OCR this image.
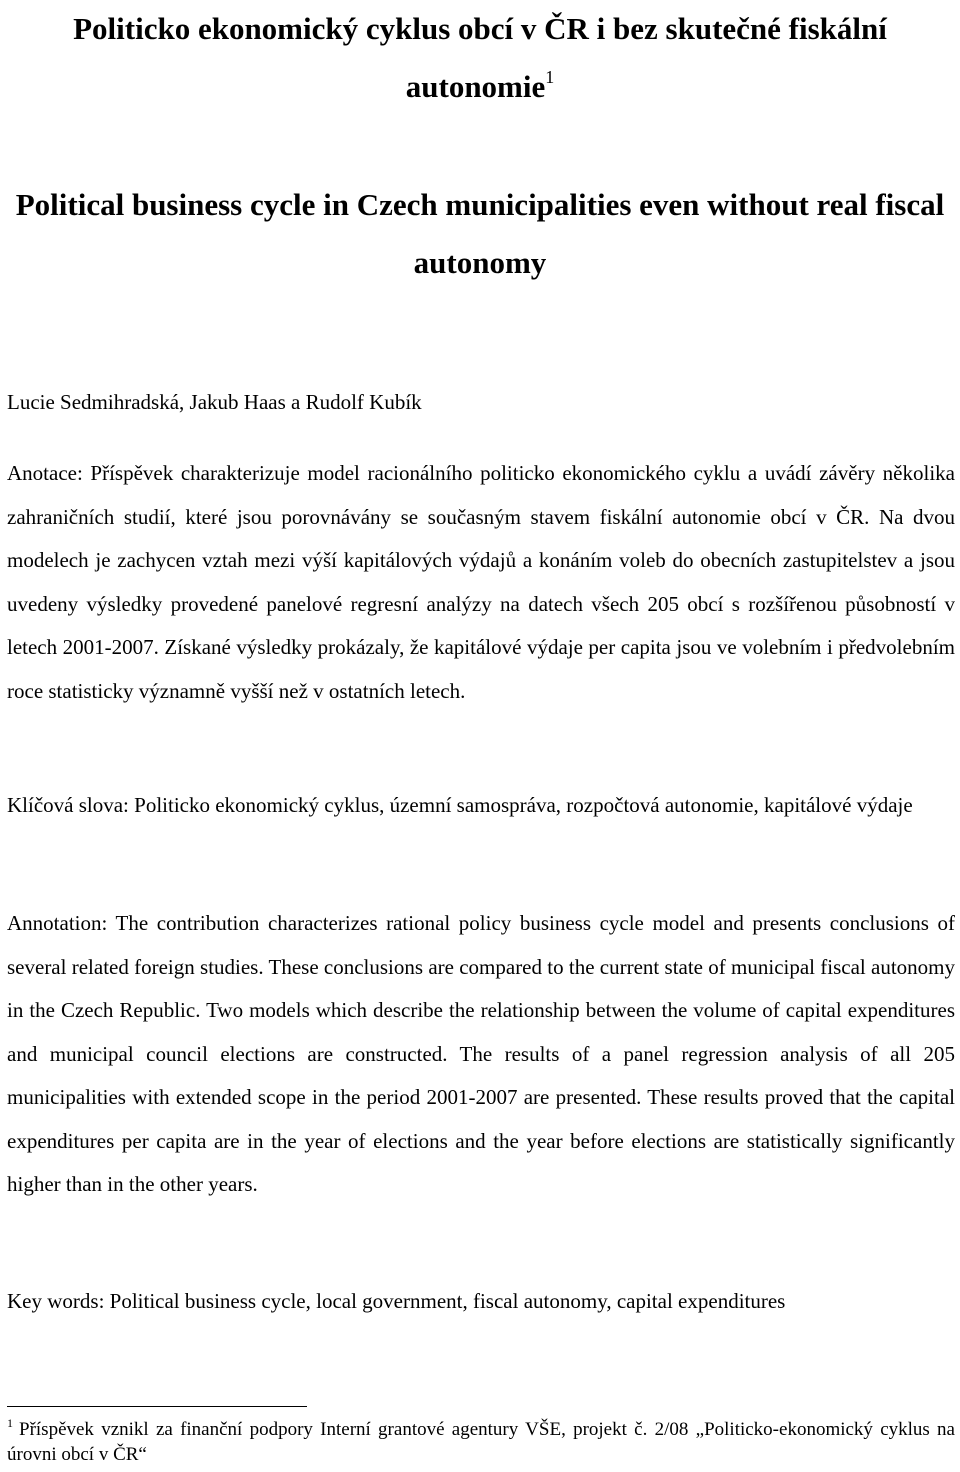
Politicko ekonomický cyklus obcí v ČR i bez skutečné fiskální autonomie$^1$
Political business cycle in Czech municipalities even without real fiscal autonomy

Lucie Sedmihradská, Jakub Haas a Rudolf Kubík

Anotace: Příspěvek charakterizuje model racionálního politicko ekonomického cyklu a uvádí závěry několika zahraničních studií, které jsou porovnávány se současným stavem fiskální autonomie obcí v ČR. Na dvou modelech je zachycen vztah mezi výší kapitálových výdajů a konáním voleb do obecních zastupitelstev a jsou uvedeny výsledky provedené panelové regresní analýzy na datech všech 205 obcí s rozšířenou působností v letech 2001-2007. Získané výsledky prokázaly, že kapitálové výdaje per capita jsou ve volebním i předvolebním roce statisticky významně vyšší než v ostatních letech.

Klíčová slova: Politicko ekonomický cyklus, územní samospráva, rozpočtová autonomie, kapitálové výdaje

Annotation: The contribution characterizes rational policy business cycle model and presents conclusions of several related foreign studies. These conclusions are compared to the current state of municipal fiscal autonomy in the Czech Republic. Two models which describe the relationship between the volume of capital expenditures and municipal council elections are constructed. The results of a panel regression analysis of all 205 municipalities with extended scope in the period 2001-2007 are presented. These results proved that the capital expenditures per capita are in the year of elections and the year before elections are statistically significantly higher than in the other years.

Key words: Political business cycle, local government, fiscal autonomy, capital expenditures

$^1$ Příspěvek vznikl za finanční podpory Interní grantové agentury VŠE, projekt č. 2/08 „Politicko-ekonomický cyklus na úrovni obcí v ČR“
